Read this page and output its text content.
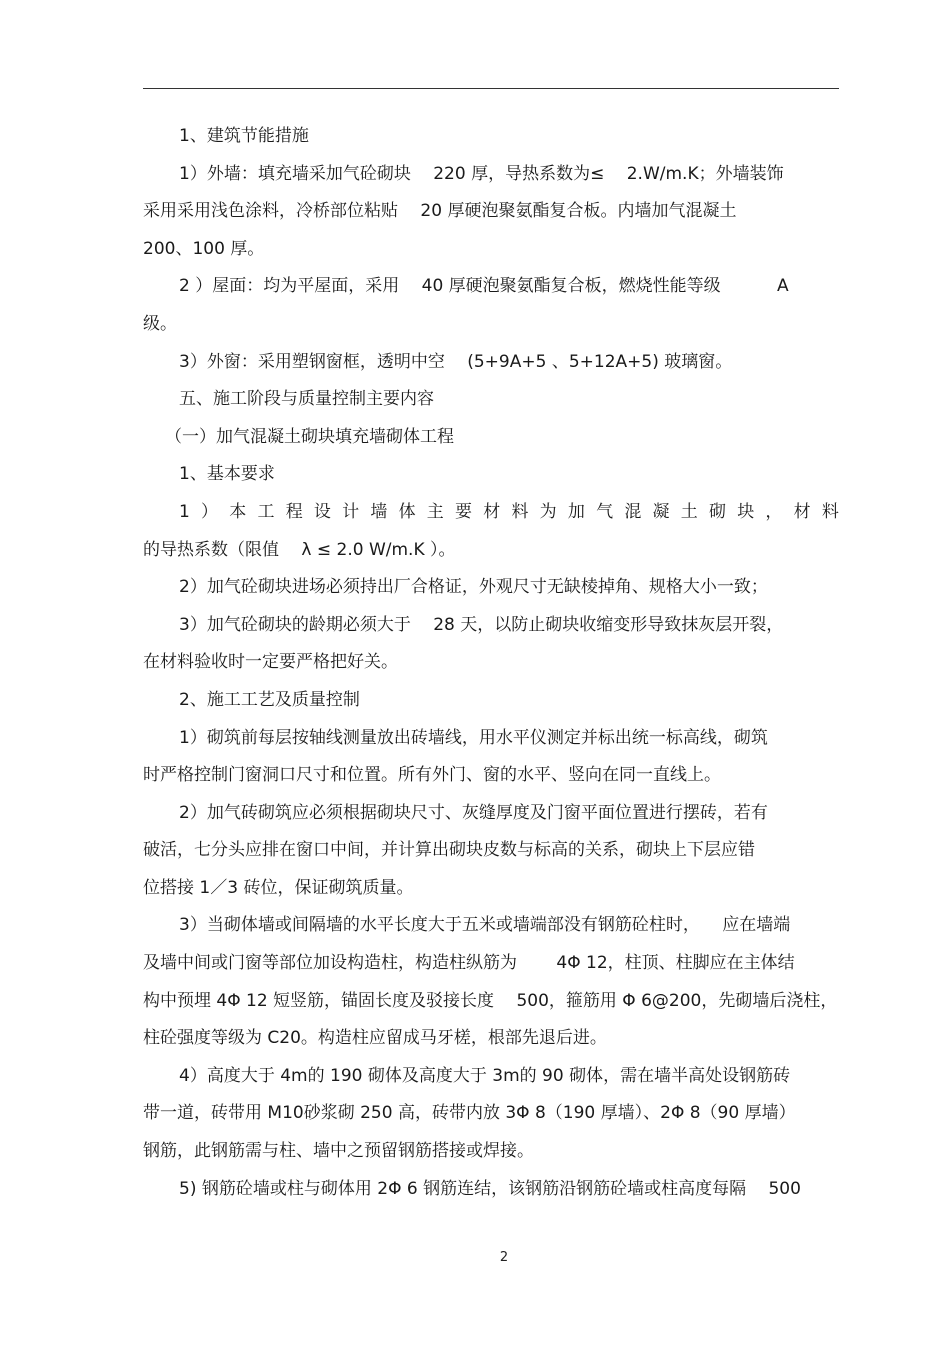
1、建筑节能措施
1）外墙：填充墙采加气砼砌块 　220 厚，导热系数为≤ 　2.W/m.K；外墙装饰
采用采用浅色涂料，冷桥部位粘贴 　20 厚硬泡聚氨酯复合板。内墙加气混凝土
200、100 厚。
2 ）屋面：均为平屋面，采用 　40 厚硬泡聚氨酯复合板，燃烧性能等级 　　　A
级。
3）外窗：采用塑钢窗框，透明中空 　(5+9A+5 、5+12A+5) 玻璃窗。
五、施工阶段与质量控制主要内容
（一）加气混凝土砌块填充墙砌体工程
1、基本要求
1 ） 本 工 程 设 计 墙 体 主 要 材 料 为 加 气 混 凝 土 砌 块 ， 材 料
的导热系数（限值 　λ ≤ 2.0 W/m.K ）。
2）加气砼砌块进场必须持出厂合格证，外观尺寸无缺棱掉角、规格大小一致；
3）加气砼砌块的龄期必须大于 　28 天，以防止砌块收缩变形导致抹灰层开裂，
在材料验收时一定要严格把好关。
2、施工工艺及质量控制
1）砌筑前每层按轴线测量放出砖墙线，用水平仪测定并标出统一标高线，砌筑
时严格控制门窗洞口尺寸和位置。所有外门、窗的水平、竖向在同一直线上。
2）加气砖砌筑应必须根据砌块尺寸、灰缝厚度及门窗平面位置进行摆砖，若有
破活，七分头应排在窗口中间，并计算出砌块皮数与标高的关系，砌块上下层应错
位搭接 1／3 砖位，保证砌筑质量。
3）当砌体墙或间隔墙的水平长度大于五米或墙端部没有钢筋砼柱时， 　应在墙端
及墙中间或门窗等部位加设构造柱，构造柱纵筋为 　　4Φ 12，柱顶、柱脚应在主体结
构中预埋 4Φ 12 短竖筋，锚固长度及驳接长度 　500，箍筋用 Φ 6@200，先砌墙后浇柱，
柱砼强度等级为 C20。构造柱应留成马牙槎，根部先退后进。
4）高度大于 4m的 190 砌体及高度大于 3m的 90 砌体，需在墙半高处设钢筋砖
带一道，砖带用 M10砂浆砌 250 高，砖带内放 3Φ 8（190 厚墙）、2Φ 8（90 厚墙）
钢筋，此钢筋需与柱、墙中之预留钢筋搭接或焊接。
5) 钢筋砼墙或柱与砌体用 2Φ 6 钢筋连结，该钢筋沿钢筋砼墙或柱高度每隔 　500
2
